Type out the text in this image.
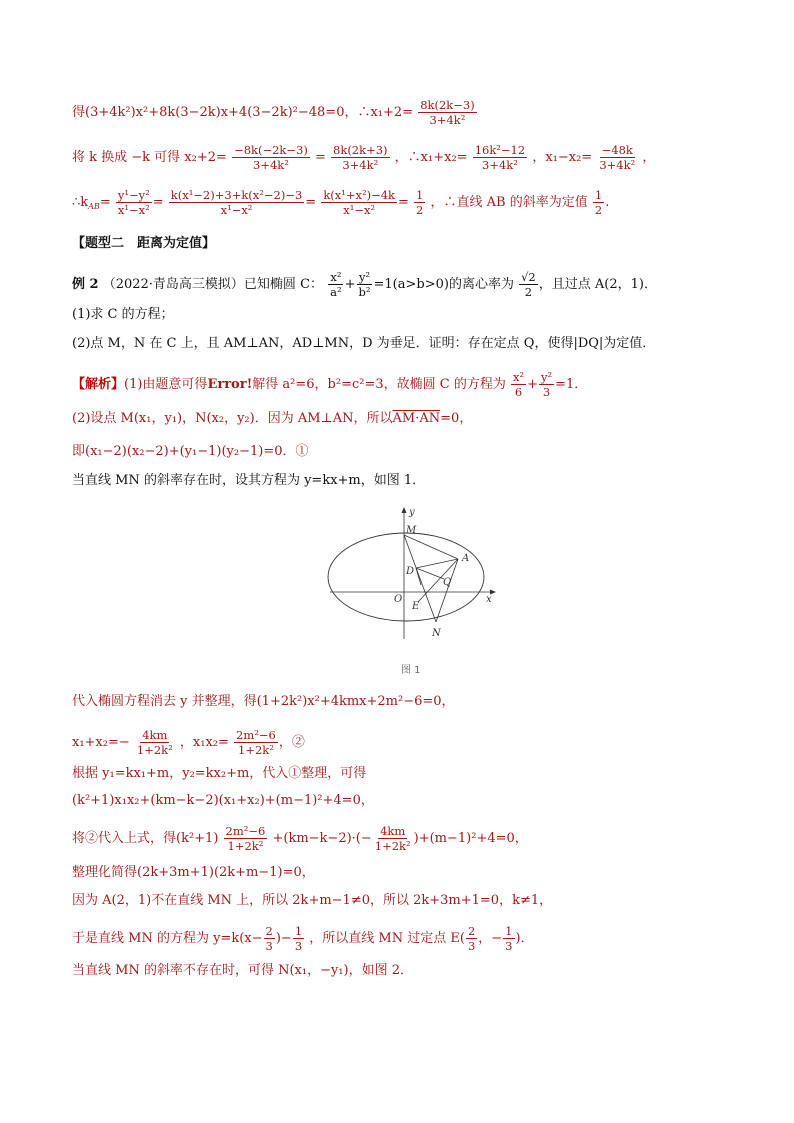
得(3+4k²)x²+8k(3−2k)x+4(3−2k)²−48=0，∴x₁+2= $\frac{8k(2k-3)}{\text{3+4k²}}$
将 k 换成 −k 可得 $x_2+2= \frac{-8k(-2k-3)}{\text{3+4k²}} = \frac{8k(2k+3)}{\text{3+4k²}}$ ，∴x₁+x₂= $\frac{\text{16k²−12}}{\text{3+4k²}}$ ，$x_1-x_2= \frac{-48k}{\text{3+4k²}}$ ，
$\therefore k_{AB}= \frac{\text{y¹−y²}}{\text{x¹−x²}} = \frac{\text{k(x¹−2)+3+k(x²−2)−3}}{\text{x¹−x²}} = \frac{\text{k(x¹+x²)−4k}}{\text{x¹−x²}} = \frac{1}{2}$ ，∴直线 AB 的斜率为定值 $\frac{1}{2}$ .
【题型二　距离为定值】
例 2 （2022·青岛高三模拟）已知椭圆 C： $\frac{\text{x²}}{\text{a²}} + \frac{\text{y²}}{\text{b²}} =1(a>b>0)$的离心率为 $\frac{√2}{2}$ ，且过点 A(2，1)．
(1)求 C 的方程；
(2)点 M，N 在 C 上，且 AM⊥AN，AD⊥MN，D 为垂足．证明：存在定点 Q，使得|DQ|为定值．
【解析】(1)由题意可得Error!解得 a²=6，b²=c²=3，故椭圆 C 的方程为 $\frac{\text{x²}}{6} + \frac{\text{y²}}{3} =1$．
(2)设点 M(x₁，y₁)，N(x₂，y₂)．因为 AM⊥AN，所以AM·AN=0，
即(x₁−2)(x₂−2)+(y₁−1)(y₂−1)=0．①
当直线 MN 的斜率存在时，设其方程为 y=kx+m，如图 1．
y
M
A
D
Q
O
E
N
x
图 1
代入椭圆方程消去 y 并整理，得(1+2k²)x²+4kmx+2m²−6=0，
$x_1+x_2=- \frac{4km}{\text{1+2k²}}$ ，$x_1x_2= \frac{\text{2m²−6}}{\text{1+2k²}}$ ，②
根据 y₁=kx₁+m，y₂=kx₂+m，代入①整理，可得
(k²+1)x₁x₂+(km−k−2)(x₁+x₂)+(m−1)²+4=0，
将②代入上式，得$(k^2+1) \frac{\text{2m²−6}}{\text{1+2k²}} +(km-k-2)\cdot(- \frac{4km}{\text{1+2k²}} )+(m-1)^2+4=0$，
整理化简得(2k+3m+1)(2k+m−1)=0，
因为 A(2，1)不在直线 MN 上，所以 2k+m−1≠0，所以 2k+3m+1=0，k≠1，
于是直线 MN 的方程为 $y=k(x- \frac{2}{3}$ )− $\frac{1}{3}$ ，所以直线 MN 过定点 $E( \frac{2}{3}$ ，− $\frac{1}{3}$ )．
当直线 MN 的斜率不存在时，可得 N(x₁，−y₁)，如图 2．
